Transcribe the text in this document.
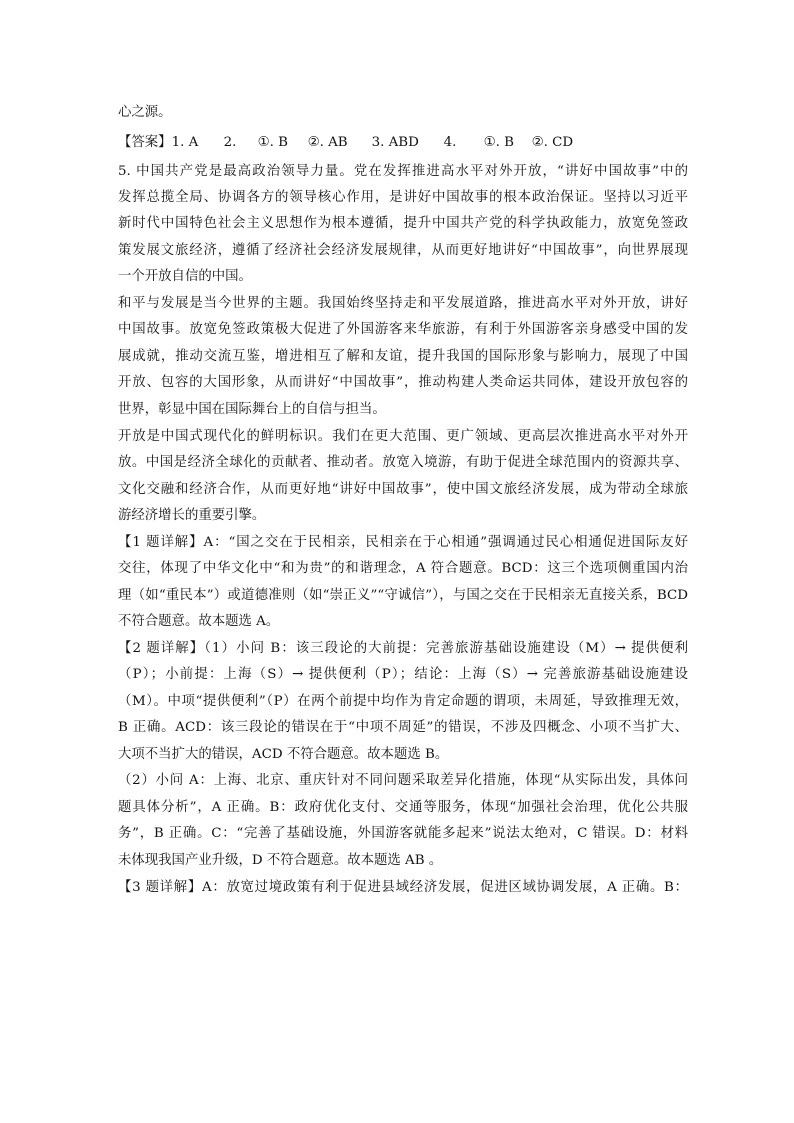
心之源。
【答案】1. A 2. ①. B ②. AB 3. ABD 4. ①. B ②. CD
5. 中国共产党是最高政治领导力量。党在发挥推进高水平对外开放，“讲好中国故事”中的
发挥总揽全局、协调各方的领导核心作用，是讲好中国故事的根本政治保证。坚持以习近平
新时代中国特色社会主义思想作为根本遵循，提升中国共产党的科学执政能力，放宽免签政
策发展文旅经济，遵循了经济社会经济发展规律，从而更好地讲好“中国故事”，向世界展现
一个开放自信的中国。
和平与发展是当今世界的主题。我国始终坚持走和平发展道路，推进高水平对外开放，讲好
中国故事。放宽免签政策极大促进了外国游客来华旅游，有利于外国游客亲身感受中国的发
展成就，推动交流互鉴，增进相互了解和友谊，提升我国的国际形象与影响力，展现了中国
开放、包容的大国形象，从而讲好“中国故事”，推动构建人类命运共同体，建设开放包容的
世界，彰显中国在国际舞台上的自信与担当。
开放是中国式现代化的鲜明标识。我们在更大范围、更广领域、更高层次推进高水平对外开
放。中国是经济全球化的贡献者、推动者。放宽入境游，有助于促进全球范围内的资源共享、
文化交融和经济合作，从而更好地“讲好中国故事”，使中国文旅经济发展，成为带动全球旅
游经济增长的重要引擎。
【1 题详解】A：“国之交在于民相亲，民相亲在于心相通”强调通过民心相通促进国际友好
交往，体现了中华文化中“和为贵”的和谐理念，A 符合题意。BCD：这三个选项侧重国内治
理（如“重民本”）或道德准则（如“崇正义”“守诚信”），与国之交在于民相亲无直接关系，BCD
不符合题意。故本题选 A。
【2 题详解】（1）小问 B：该三段论的大前提：完善旅游基础设施建设（M）→ 提供便利
（P）；小前提：上海（S）→ 提供便利（P）；结论：上海（S）→ 完善旅游基础设施建设
（M）。中项“提供便利”（P）在两个前提中均作为肯定命题的谓项，未周延，导致推理无效，
B 正确。ACD：该三段论的错误在于“中项不周延”的错误，不涉及四概念、小项不当扩大、
大项不当扩大的错误，ACD 不符合题意。故本题选 B。
（2）小问 A：上海、北京、重庆针对不同问题采取差异化措施，体现“从实际出发，具体问
题具体分析”，A 正确。B：政府优化支付、交通等服务，体现“加强社会治理，优化公共服
务”，B 正确。C：“完善了基础设施，外国游客就能多起来”说法太绝对，C 错误。D：材料
未体现我国产业升级，D 不符合题意。故本题选 AB 。
【3 题详解】A：放宽过境政策有利于促进县域经济发展，促进区域协调发展，A 正确。B：
